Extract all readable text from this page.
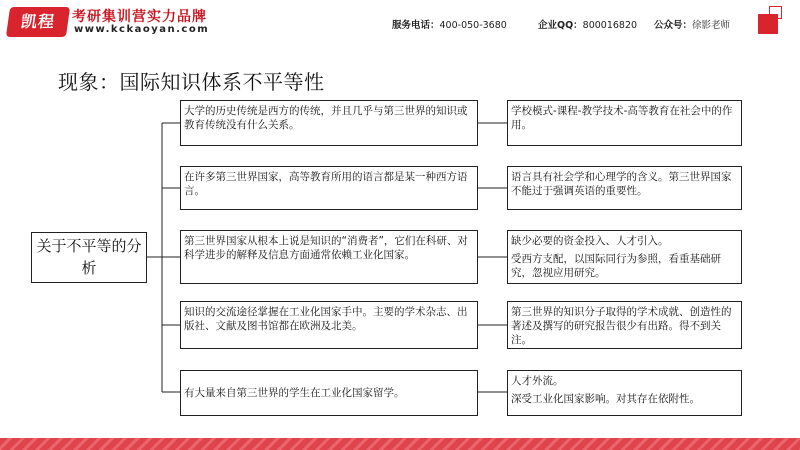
凯程	考研集训营实力品牌
www.kckaoyan.com	服务电话：400-050-3680	企业QQ：800016820 公众号：徐影老师
现象：国际知识体系不平等性
关于不平等的分析
大学的历史传统是西方的传统，并且几乎与第三世界的知识或教育传统没有什么关系。

学校模式-课程-教学技术-高等教育在社会中的作用。

在许多第三世界国家，高等教育所用的语言都是某一种西方语言。

语言具有社会学和心理学的含义。第三世界国家不能过于强调英语的重要性。

第三世界国家从根本上说是知识的“消费者”，它们在科研、对科学进步的解释及信息方面通常依赖工业化国家。

缺少必要的资金投入、人才引入。

受西方支配，以国际同行为参照，看重基础研究，忽视应用研究。

知识的交流途径掌握在工业化国家手中。主要的学术杂志、出版社、文献及图书馆都在欧洲及北美。

第三世界的知识分子取得的学术成就、创造性的著述及撰写的研究报告很少有出路。得不到关注。

有大量来自第三世界的学生在工业化国家留学。

人才外流。

深受工业化国家影响。对其存在依附性。
